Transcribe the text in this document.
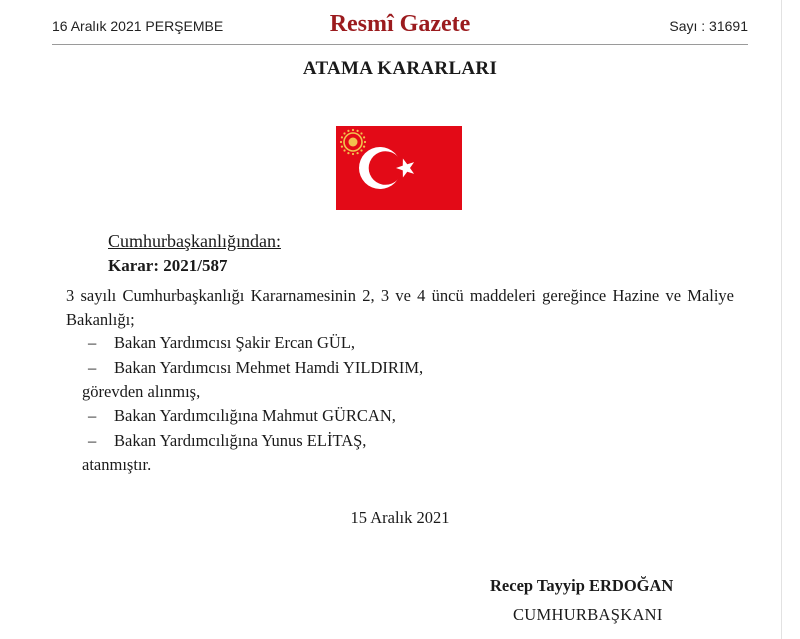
16 Aralık 2021 PERŞEMBE	Resmî Gazete	Sayı : 31691
ATAMA KARARLARI
Cumhurbaşkanlığından:
Karar: 2021/587
3 sayılı Cumhurbaşkanlığı Kararnamesinin 2, 3 ve 4 üncü maddeleri gereğince Hazine ve Maliye Bakanlığı;
– Bakan Yardımcısı Şakir Ercan GÜL,
– Bakan Yardımcısı Mehmet Hamdi YILDIRIM,
görevden alınmış,
– Bakan Yardımcılığına Mahmut GÜRCAN,
– Bakan Yardımcılığına Yunus ELİTAŞ,
atanmıştır.
15 Aralık 2021
Recep Tayyip ERDOĞAN
CUMHURBAŞKANI
